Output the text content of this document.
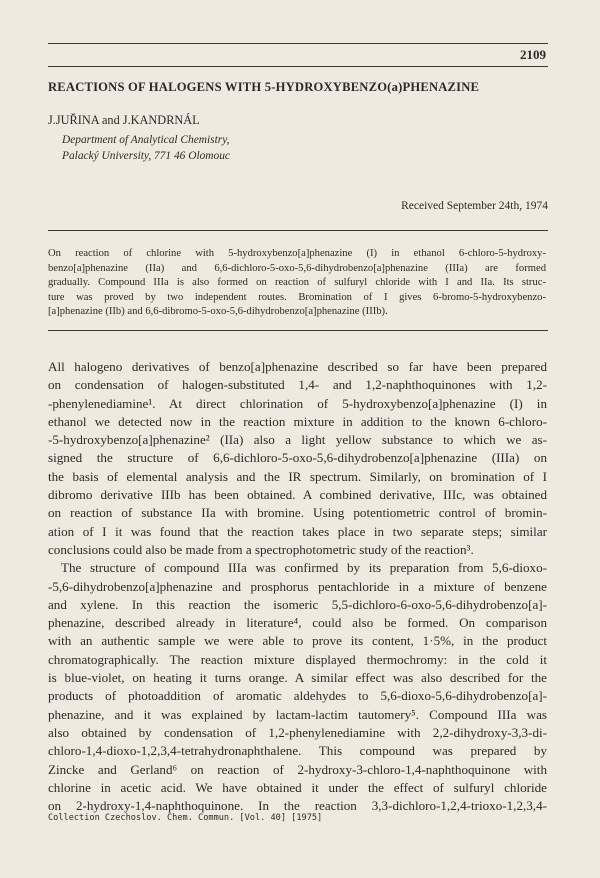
2109
REACTIONS OF HALOGENS WITH 5-HYDROXYBENZO(a)PHENAZINE
J.JUŘINA and J.KANDRNÁL
Department of Analytical Chemistry,
Palacký University, 771 46 Olomouc
Received September 24th, 1974
On reaction of chlorine with 5-hydroxybenzo[a]phenazine (I) in ethanol 6-chloro-5-hydroxy-
benzo[a]phenazine (IIa) and 6,6-dichloro-5-oxo-5,6-dihydrobenzo[a]phenazine (IIIa) are formed
gradually. Compound IIIa is also formed on reaction of sulfuryl chloride with I and IIa. Its struc-
ture was proved by two independent routes. Bromination of I gives 6-bromo-5-hydroxybenzo-
[a]phenazine (IIb) and 6,6-dibromo-5-oxo-5,6-dihydrobenzo[a]phenazine (IIIb).
All halogeno derivatives of benzo[a]phenazine described so far have been prepared
on condensation of halogen-substituted 1,4- and 1,2-naphthoquinones with 1,2-
-phenylenediamine¹. At direct chlorination of 5-hydroxybenzo[a]phenazine (I) in
ethanol we detected now in the reaction mixture in addition to the known 6-chloro-
-5-hydroxybenzo[a]phenazine² (IIa) also a light yellow substance to which we as-
signed the structure of 6,6-dichloro-5-oxo-5,6-dihydrobenzo[a]phenazine (IIIa) on
the basis of elemental analysis and the IR spectrum. Similarly, on bromination of I
dibromo derivative IIIb has been obtained. A combined derivative, IIIc, was obtained
on reaction of substance IIa with bromine. Using potentiometric control of bromin-
ation of I it was found that the reaction takes place in two separate steps; similar
conclusions could also be made from a spectrophotometric study of the reaction³.
The structure of compound IIIa was confirmed by its preparation from 5,6-dioxo-
-5,6-dihydrobenzo[a]phenazine and prosphorus pentachloride in a mixture of benzene
and xylene. In this reaction the isomeric 5,5-dichloro-6-oxo-5,6-dihydrobenzo[a]-
phenazine, described already in literature⁴, could also be formed. On comparison
with an authentic sample we were able to prove its content, 1·5%, in the product
chromatographically. The reaction mixture displayed thermochromy: in the cold it
is blue-violet, on heating it turns orange. A similar effect was also described for the
products of photoaddition of aromatic aldehydes to 5,6-dioxo-5,6-dihydrobenzo[a]-
phenazine, and it was explained by lactam-lactim tautomery⁵. Compound IIIa was
also obtained by condensation of 1,2-phenylenediamine with 2,2-dihydroxy-3,3-di-
chloro-1,4-dioxo-1,2,3,4-tetrahydronaphthalene. This compound was prepared by
Zincke and Gerland⁶ on reaction of 2-hydroxy-3-chloro-1,4-naphthoquinone with
chlorine in acetic acid. We have obtained it under the effect of sulfuryl chloride
on 2-hydroxy-1,4-naphthoquinone. In the reaction 3,3-dichloro-1,2,4-trioxo-1,2,3,4-
Collection Czechoslov. Chem. Commun. [Vol. 40] [1975]
